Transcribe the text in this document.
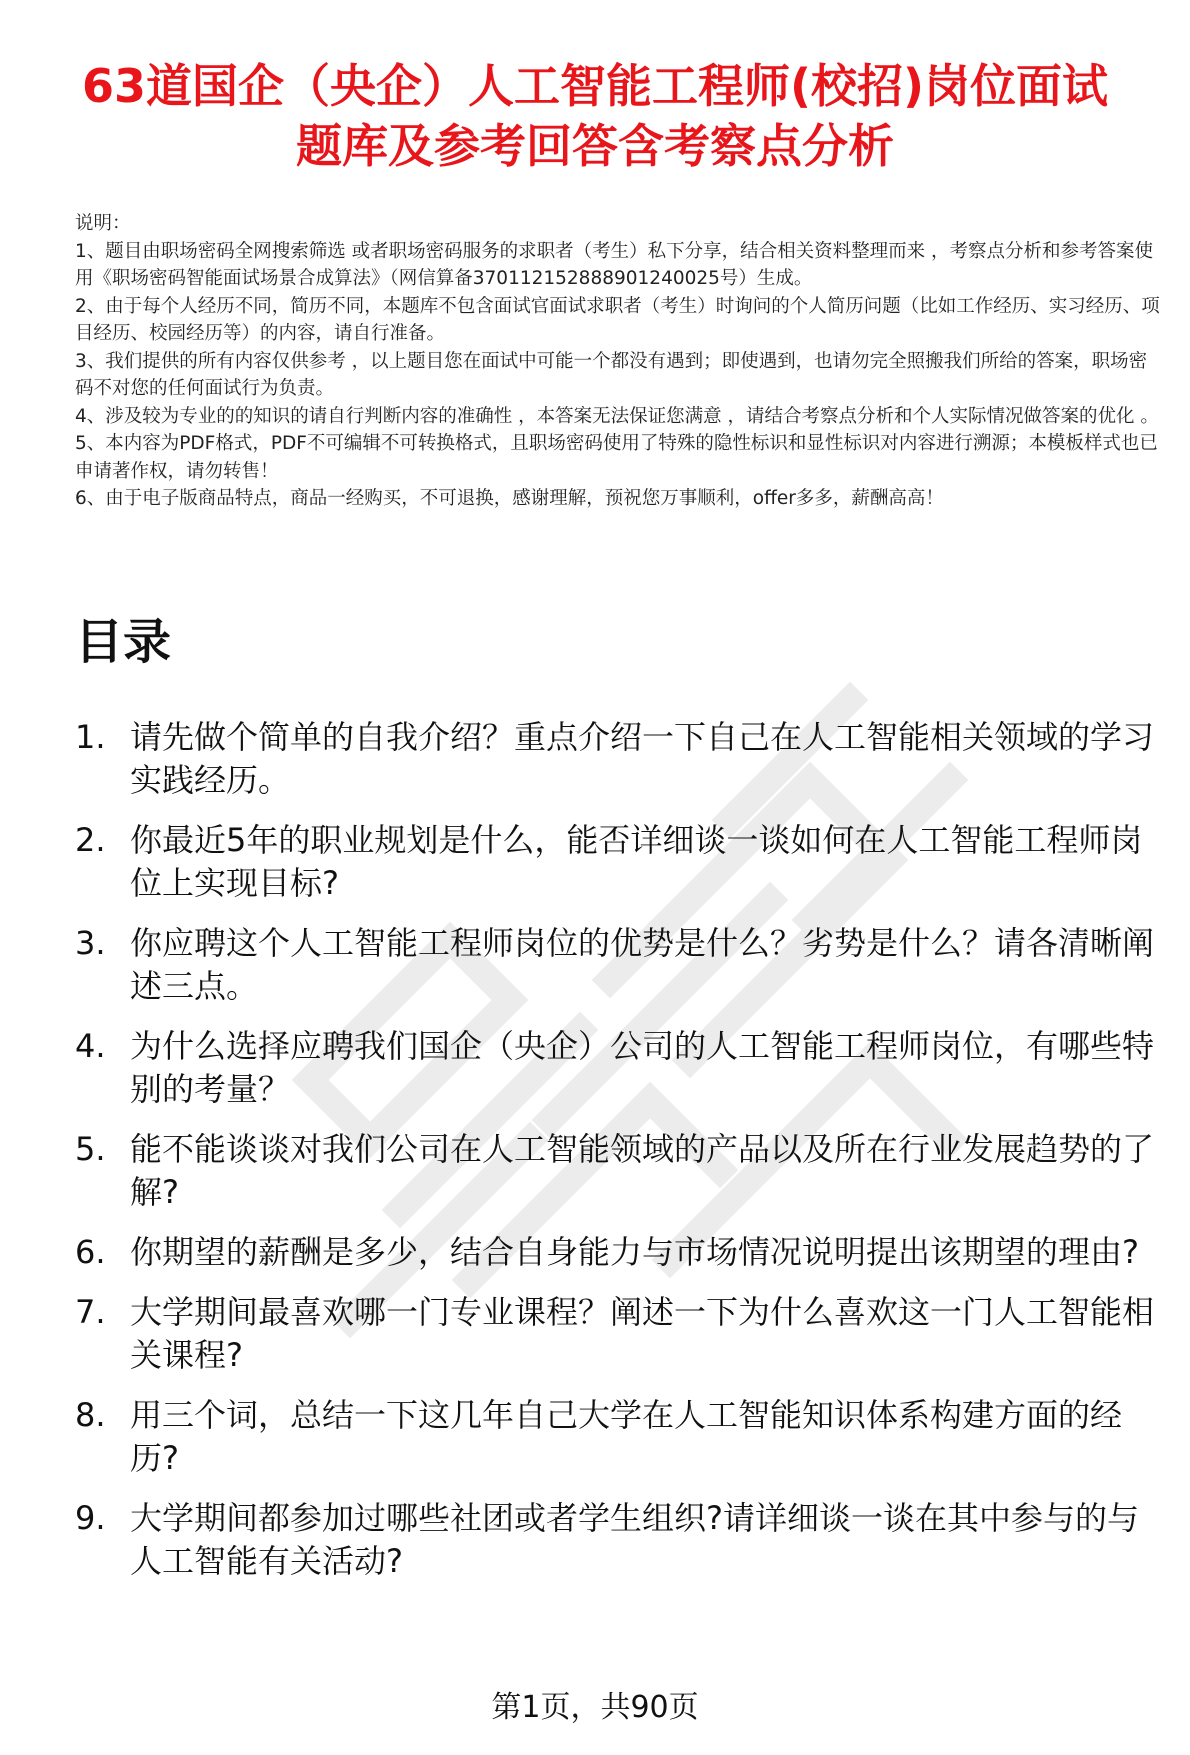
63道国企（央企）人工智能工程师(校招)岗位面试题库及参考回答含考察点分析

说明：

1、题目由职场密码全网搜索筛选 或者职场密码服务的求职者（考生）私下分享，结合相关资料整理而来 ，考察点分析和参考答案使用《职场密码智能面试场景合成算法》（网信算备370112152888901240025号）生成。

2、由于每个人经历不同，简历不同，本题库不包含面试官面试求职者（考生）时询问的个人简历问题（比如工作经历、实习经历、项目经历、校园经历等）的内容，请自行准备。

3、我们提供的所有内容仅供参考 ，以上题目您在面试中可能一个都没有遇到；即使遇到，也请勿完全照搬我们所给的答案，职场密码不对您的任何面试行为负责。

4、涉及较为专业的的知识的请自行判断内容的准确性 ，本答案无法保证您满意 ，请结合考察点分析和个人实际情况做答案的优化 。

5、本内容为PDF格式，PDF不可编辑不可转换格式，且职场密码使用了特殊的隐性标识和显性标识对内容进行溯源；本模板样式也已申请著作权，请勿转售！

6、由于电子版商品特点，商品一经购买，不可退换，感谢理解，预祝您万事顺利，offer多多，薪酬高高！

目录
1. 请先做个简单的自我介绍？重点介绍一下自己在人工智能相关领域的学习实践经历。
2. 你最近5年的职业规划是什么，能否详细谈一谈如何在人工智能工程师岗位上实现目标?
3. 你应聘这个人工智能工程师岗位的优势是什么？劣势是什么？请各清晰阐述三点。
4. 为什么选择应聘我们国企（央企）公司的人工智能工程师岗位，有哪些特别的考量？
5. 能不能谈谈对我们公司在人工智能领域的产品以及所在行业发展趋势的了解?
6. 你期望的薪酬是多少，结合自身能力与市场情况说明提出该期望的理由?
7. 大学期间最喜欢哪一门专业课程？阐述一下为什么喜欢这一门人工智能相关课程?
8. 用三个词，总结一下这几年自己大学在人工智能知识体系构建方面的经历?
9. 大学期间都参加过哪些社团或者学生组织?请详细谈一谈在其中参与的与人工智能有关活动?
第1页，共90页
